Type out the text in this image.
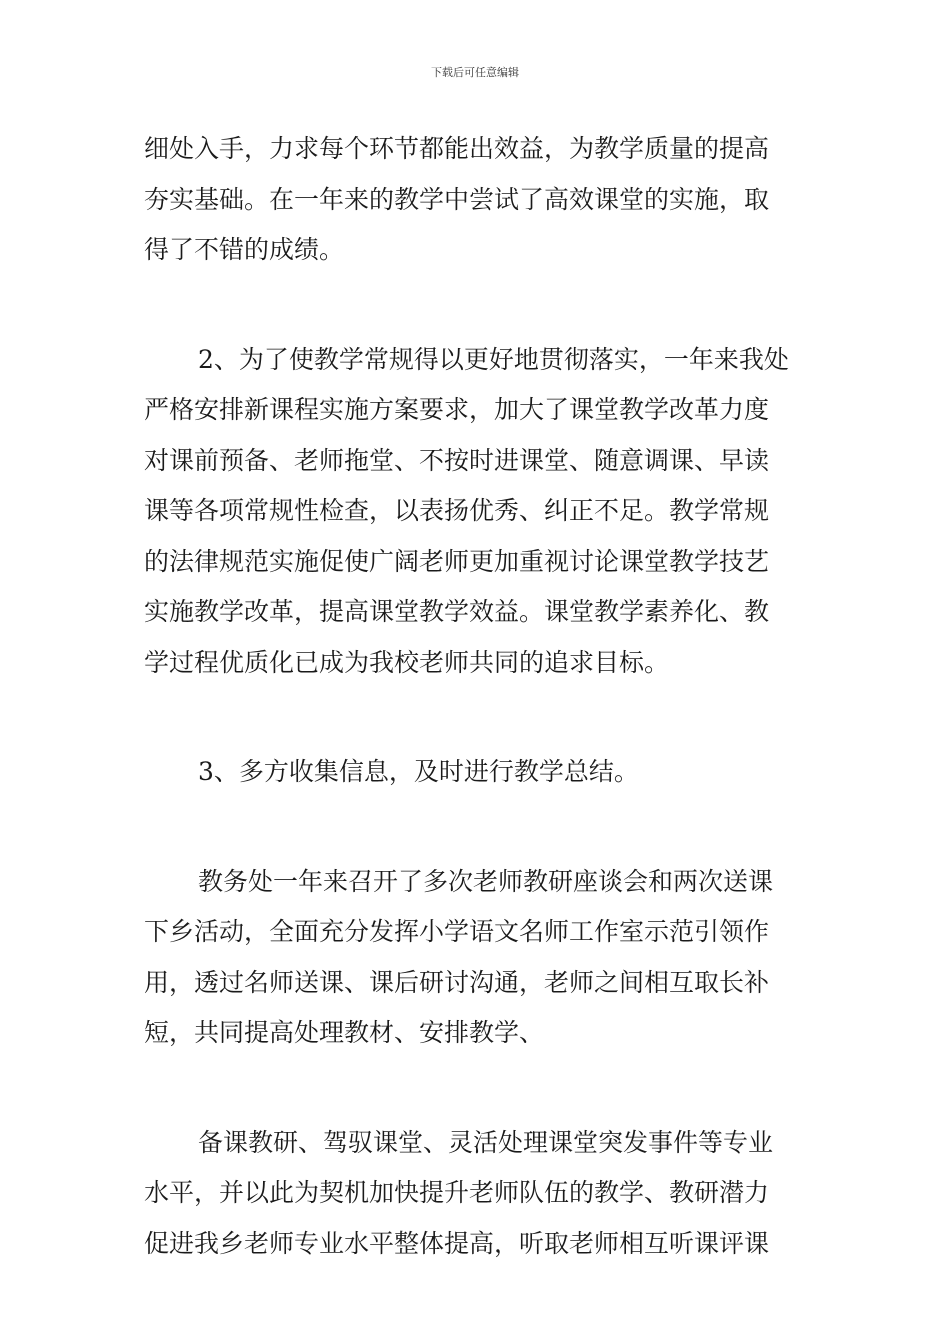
下载后可任意编辑

细处入手，力求每个环节都能出效益，为教学质量的提高

夯实基础。在一年来的教学中尝试了高效课堂的实施，取

得了不错的成绩。

2、为了使教学常规得以更好地贯彻落实，一年来我处

严格安排新课程实施方案要求，加大了课堂教学改革力度

对课前预备、老师拖堂、不按时进课堂、随意调课、早读

课等各项常规性检查，以表扬优秀、纠正不足。教学常规

的法律规范实施促使广阔老师更加重视讨论课堂教学技艺

实施教学改革，提高课堂教学效益。课堂教学素养化、教

学过程优质化已成为我校老师共同的追求目标。

3、多方收集信息，及时进行教学总结。

教务处一年来召开了多次老师教研座谈会和两次送课

下乡活动，全面充分发挥小学语文名师工作室示范引领作

用，透过名师送课、课后研讨沟通，老师之间相互取长补

短，共同提高处理教材、安排教学、

备课教研、驾驭课堂、灵活处理课堂突发事件等专业

水平，并以此为契机加快提升老师队伍的教学、教研潜力

促进我乡老师专业水平整体提高，听取老师相互听课评课
